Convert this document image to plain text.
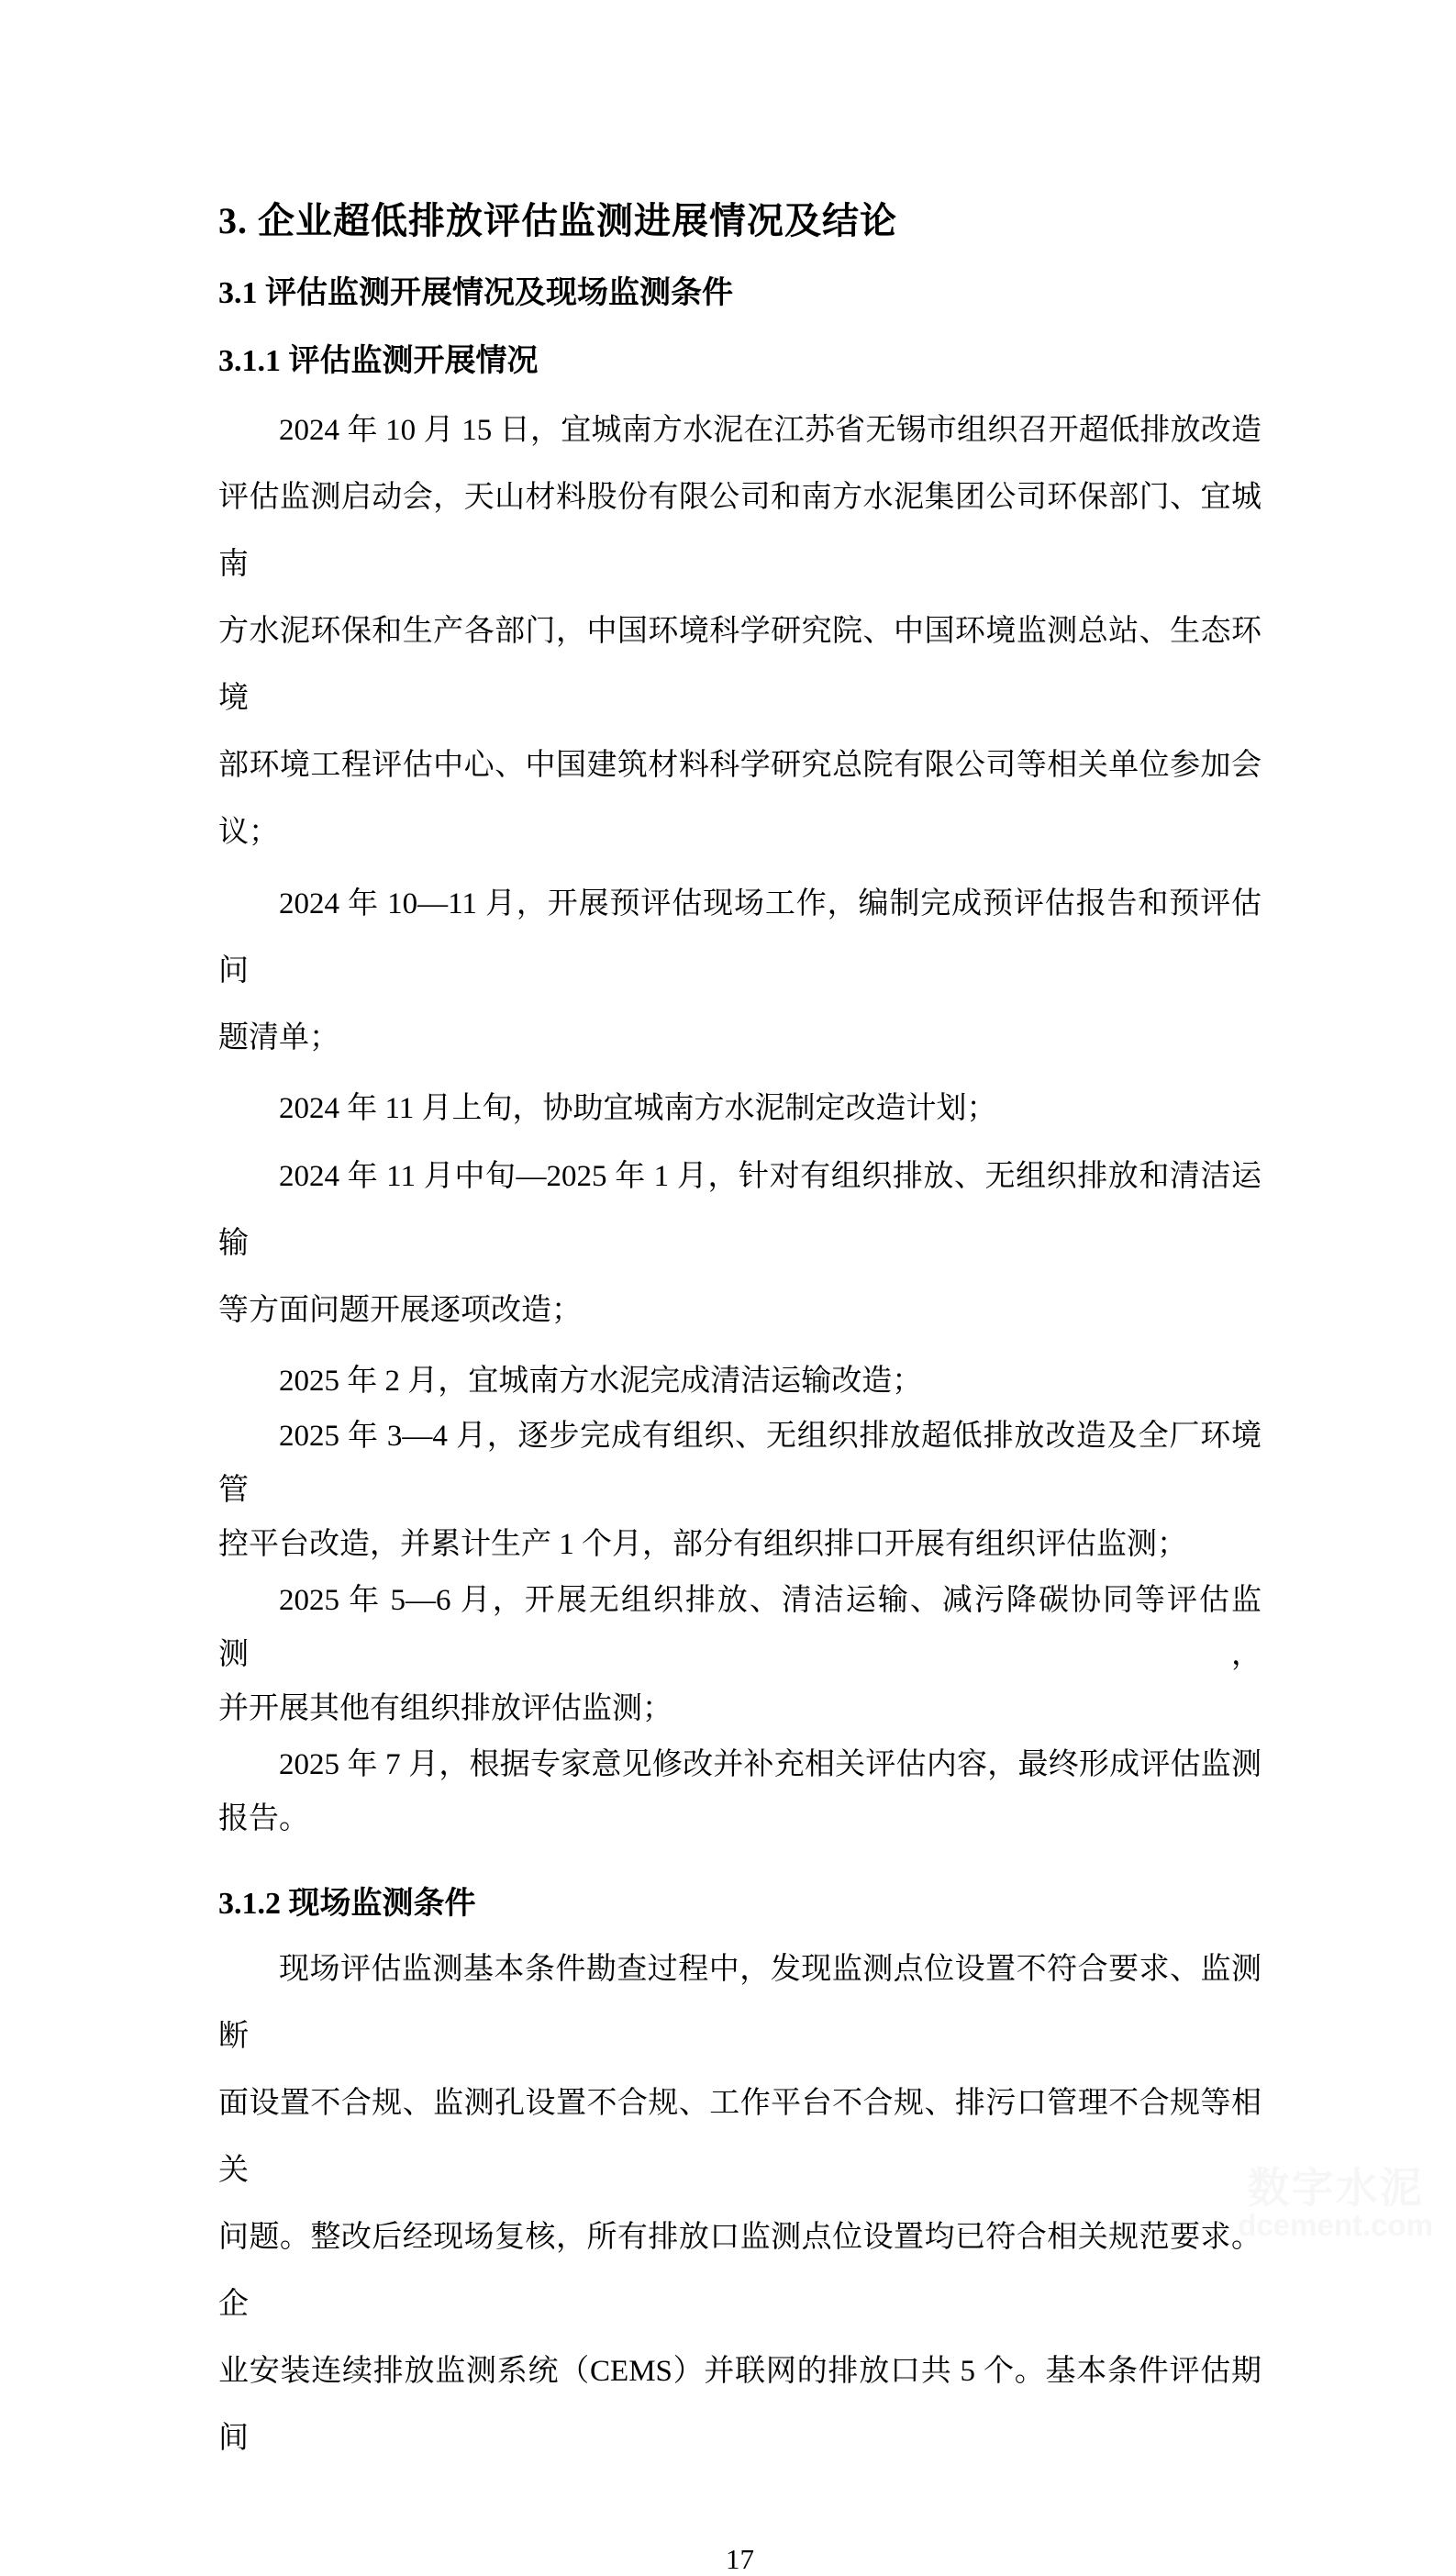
3. 企业超低排放评估监测进展情况及结论
3.1 评估监测开展情况及现场监测条件
3.1.1 评估监测开展情况
2024 年 10 月 15 日，宜城南方水泥在江苏省无锡市组织召开超低排放改造
评估监测启动会，天山材料股份有限公司和南方水泥集团公司环保部门、宜城南
方水泥环保和生产各部门，中国环境科学研究院、中国环境监测总站、生态环境
部环境工程评估中心、中国建筑材料科学研究总院有限公司等相关单位参加会
议；
2024 年 10—11 月，开展预评估现场工作，编制完成预评估报告和预评估问
题清单；
2024 年 11 月上旬，协助宜城南方水泥制定改造计划；
2024 年 11 月中旬—2025 年 1 月，针对有组织排放、无组织排放和清洁运输
等方面问题开展逐项改造；
2025 年 2 月，宜城南方水泥完成清洁运输改造；
2025 年 3—4 月，逐步完成有组织、无组织排放超低排放改造及全厂环境管
控平台改造，并累计生产 1 个月，部分有组织排口开展有组织评估监测；
2025 年 5—6 月，开展无组织排放、清洁运输、减污降碳协同等评估监测，
并开展其他有组织排放评估监测；
2025 年 7 月，根据专家意见修改并补充相关评估内容，最终形成评估监测
报告。
3.1.2 现场监测条件
现场评估监测基本条件勘查过程中，发现监测点位设置不符合要求、监测断
面设置不合规、监测孔设置不合规、工作平台不合规、排污口管理不合规等相关
问题。整改后经现场复核，所有排放口监测点位设置均已符合相关规范要求。企
业安装连续排放监测系统（CEMS）并联网的排放口共 5 个。基本条件评估期间
17
数字水泥
dcement.com
